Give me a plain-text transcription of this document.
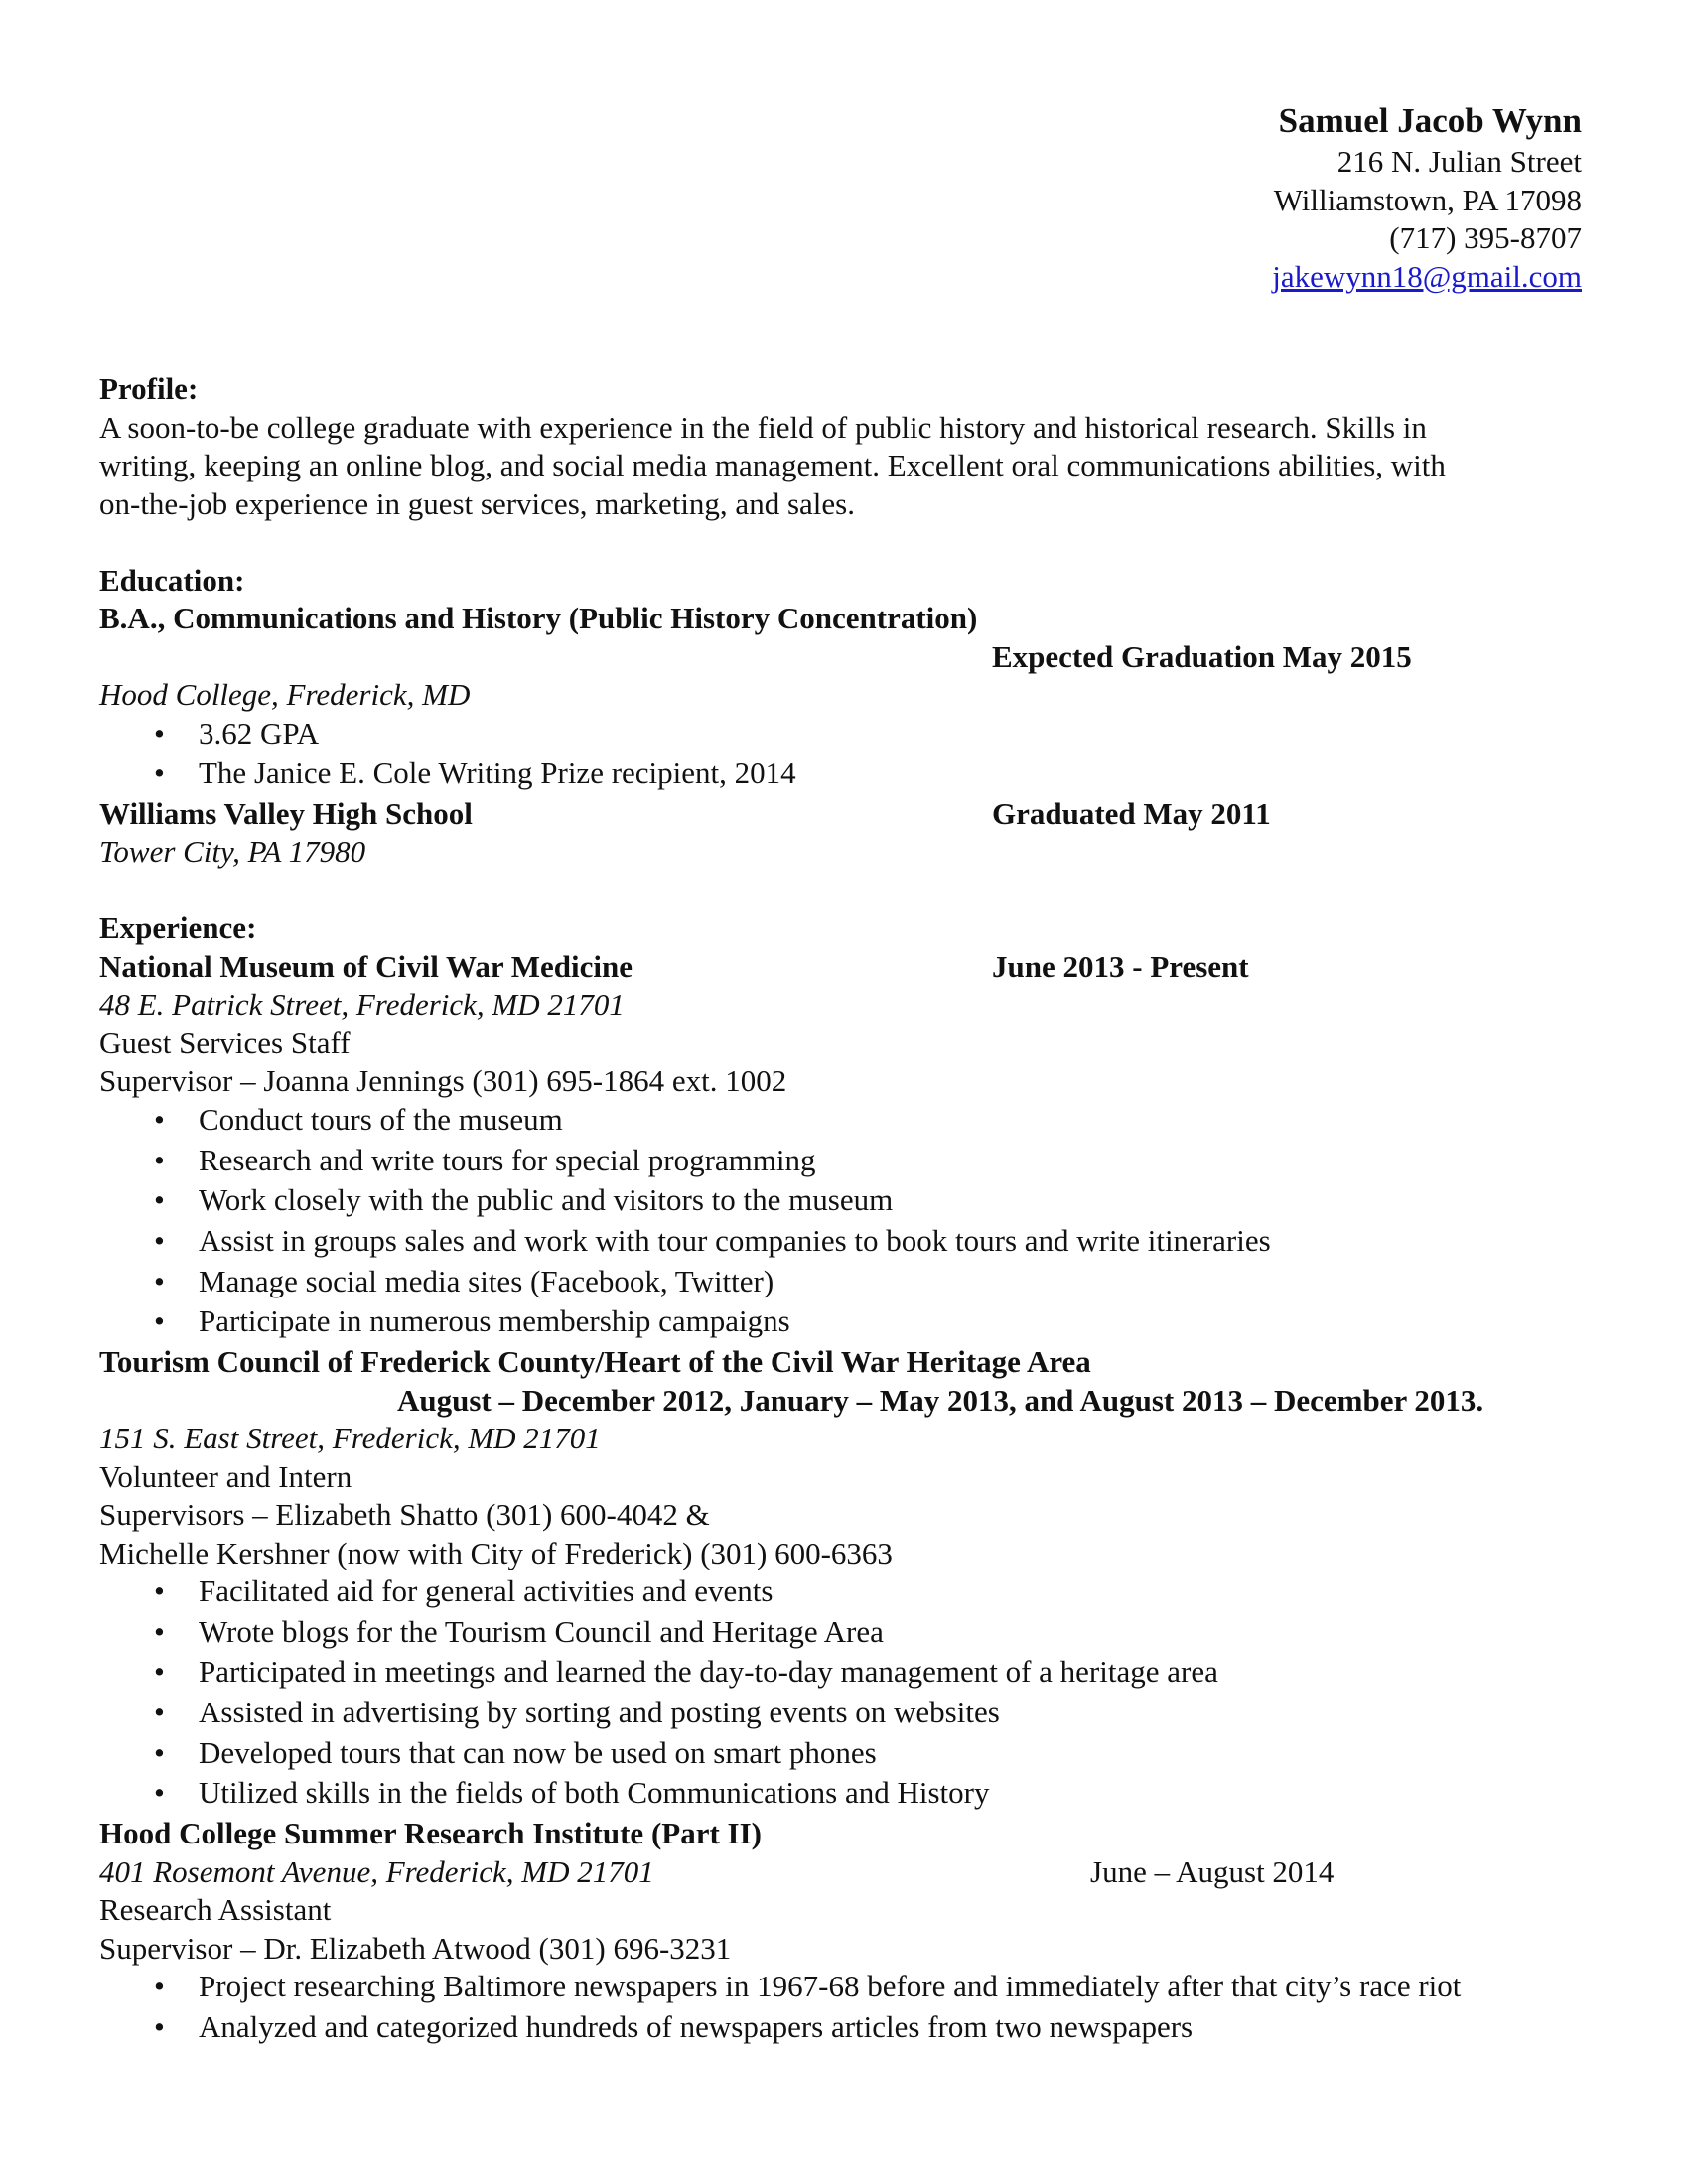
Samuel Jacob Wynn
216 N. Julian Street
Williamstown, PA 17098
(717) 395-8707
jakewynn18@gmail.com
Profile:
A soon-to-be college graduate with experience in the field of public history and historical research. Skills in
writing, keeping an online blog, and social media management. Excellent oral communications abilities, with
on-the-job experience in guest services, marketing, and sales.
Education:
B.A., Communications and History (Public History Concentration)
Expected Graduation May 2015
Hood College, Frederick, MD
• 3.62 GPA
• The Janice E. Cole Writing Prize recipient, 2014
Williams Valley High School	Graduated May 2011
Tower City, PA 17980
Experience:
National Museum of Civil War Medicine	June 2013 - Present
48 E. Patrick Street, Frederick, MD 21701
Guest Services Staff
Supervisor – Joanna Jennings (301) 695-1864 ext. 1002
• Conduct tours of the museum
• Research and write tours for special programming
• Work closely with the public and visitors to the museum
• Assist in groups sales and work with tour companies to book tours and write itineraries
• Manage social media sites (Facebook, Twitter)
• Participate in numerous membership campaigns
Tourism Council of Frederick County/Heart of the Civil War Heritage Area
August – December 2012, January – May 2013, and August 2013 – December 2013.
151 S. East Street, Frederick, MD 21701
Volunteer and Intern
Supervisors – Elizabeth Shatto (301) 600-4042 &
Michelle Kershner (now with City of Frederick) (301) 600-6363
• Facilitated aid for general activities and events
• Wrote blogs for the Tourism Council and Heritage Area
• Participated in meetings and learned the day-to-day management of a heritage area
• Assisted in advertising by sorting and posting events on websites
• Developed tours that can now be used on smart phones
• Utilized skills in the fields of both Communications and History
Hood College Summer Research Institute (Part II)
401 Rosemont Avenue, Frederick, MD 21701	June – August 2014
Research Assistant
Supervisor – Dr. Elizabeth Atwood (301) 696-3231
• Project researching Baltimore newspapers in 1967-68 before and immediately after that city’s race riot
• Analyzed and categorized hundreds of newspapers articles from two newspapers
